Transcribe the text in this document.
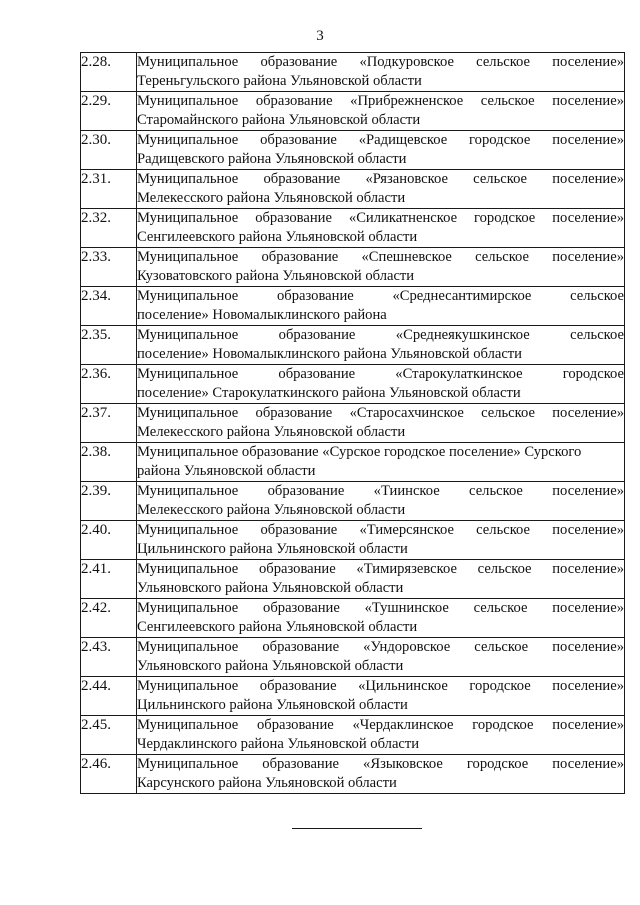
3
2.28.	Муниципальное образование «Подкуровское сельское поселение»
Тереньгульского района Ульяновской области

2.29.	Муниципальное образование «Прибрежненское сельское поселение»
Старомайнского района Ульяновской области

2.30.	Муниципальное образование «Радищевское городское поселение»
Радищевского района Ульяновской области

2.31.	Муниципальное образование «Рязановское сельское поселение»
Мелекесского района Ульяновской области

2.32.	Муниципальное образование «Силикатненское городское поселение»
Сенгилеевского района Ульяновской области

2.33.	Муниципальное образование «Спешневское сельское поселение»
Кузоватовского района Ульяновской области

2.34.	Муниципальное образование «Среднесантимирское сельское
поселение» Новомалыклинского района

2.35.	Муниципальное образование «Среднеякушкинское сельское
поселение» Новомалыклинского района Ульяновской области

2.36.	Муниципальное образование «Старокулаткинское городское
поселение» Старокулаткинского района Ульяновской области

2.37.	Муниципальное образование «Старосахчинское сельское поселение»
Мелекесского района Ульяновской области

2.38.	Муниципальное образование «Сурское городское поселение» Сурского
района Ульяновской области

2.39.	Муниципальное образование «Тиинское сельское поселение»
Мелекесского района Ульяновской области

2.40.	Муниципальное образование «Тимерсянское сельское поселение»
Цильнинского района Ульяновской области

2.41.	Муниципальное образование «Тимирязевское сельское поселение»
Ульяновского района Ульяновской области

2.42.	Муниципальное образование «Тушнинское сельское поселение»
Сенгилеевского района Ульяновской области

2.43.	Муниципальное образование «Ундоровское сельское поселение»
Ульяновского района Ульяновской области

2.44.	Муниципальное образование «Цильнинское городское поселение»
Цильнинского района Ульяновской области

2.45.	Муниципальное образование «Чердаклинское городское поселение»
Чердаклинского района Ульяновской области

2.46.	Муниципальное образование «Языковское городское поселение»
Карсунского района Ульяновской области
